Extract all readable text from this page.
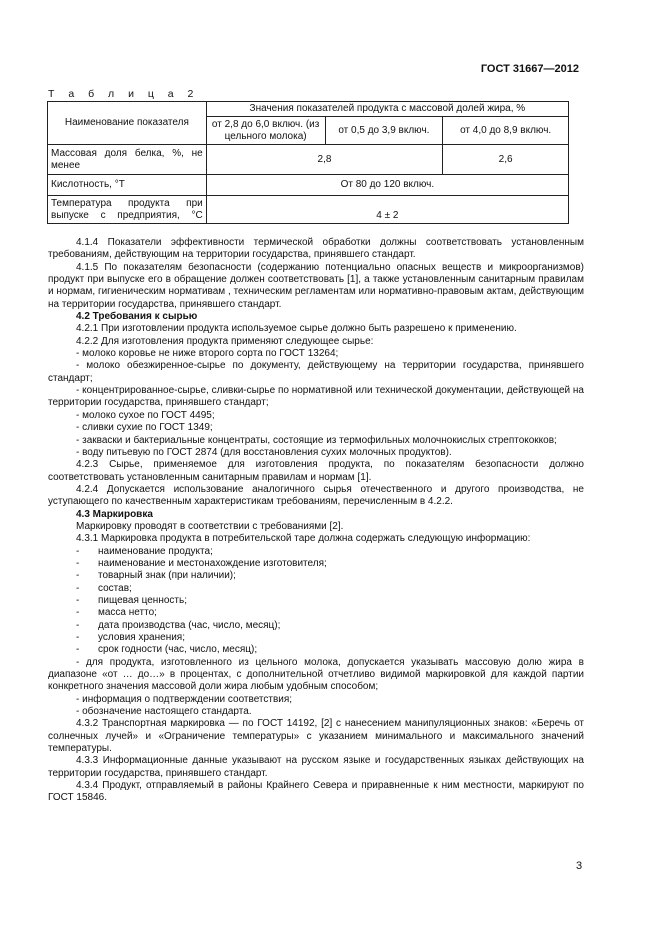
ГОСТ 31667—2012
Т а б л и ц а 2
Наименование показателя	Значения показателей продукта с массовой долей жира, %		
	от 2,8 до 6,0 включ. (из цельного молока)	от 0,5 до 3,9 включ.	от 4,0 до 8,9 включ.
Массовая доля белка, %, не менее	2,8		2,6
Кислотность, °Т	От 80 до 120 включ.		
Температура продукта при выпуске с предприятия, °С	4 ± 2		

4.1.4 Показатели эффективности термической обработки должны соответствовать установленным требованиям, действующим на территории государства, принявшего стандарт.

4.1.5 По показателям безопасности (содержанию потенциально опасных веществ и микроорганизмов) продукт при выпуске его в обращение должен соответствовать [1], а также установленным санитарным правилам и нормам, гигиеническим нормативам , техническим регламентам или нормативно-правовым актам, действующим на территории государства, принявшего стандарт.

4.2 Требования к сырью

4.2.1 При изготовлении продукта используемое сырье должно быть разрешено к применению.

4.2.2 Для изготовления продукта применяют следующее сырье:

- молоко коровье не ниже второго сорта по ГОСТ 13264;

- молоко обезжиренное-сырье по документу, действующему на территории государства, принявшего стандарт;

- концентрированное-сырье, сливки-сырье по нормативной или технической документации, действующей на территории государства, принявшего стандарт;

- молоко сухое по ГОСТ 4495;

- сливки сухие по ГОСТ 1349;

- закваски и бактериальные концентраты, состоящие из термофильных молочнокислых стрептококков;

- воду питьевую по ГОСТ 2874 (для восстановления сухих молочных продуктов).

4.2.3 Сырье, применяемое для изготовления продукта, по показателям безопасности должно соответствовать установленным санитарным правилам и нормам [1].

4.2.4 Допускается использование аналогичного сырья отечественного и другого производства, не уступающего по качественным характеристикам требованиям, перечисленным в 4.2.2.

4.3 Маркировка

Маркировку проводят в соответствии с требованиями [2].

4.3.1 Маркировка продукта в потребительской таре должна содержать следующую информацию:

-	наименование продукта;
-	наименование и местонахождение изготовителя;
-	товарный знак (при наличии);
-	состав;
-	пищевая ценность;
-	масса нетто;
-	дата производства (час, число, месяц);
-	условия хранения;
-	срок годности (час, число, месяц);

- для продукта, изготовленного из цельного молока, допускается указывать массовую долю жира в диапазоне «от … до…» в процентах, с дополнительной отчетливо видимой маркировкой для каждой партии конкретного значения массовой доли жира любым удобным способом;

- информация о подтверждении соответствия;

- обозначение настоящего стандарта.

4.3.2 Транспортная маркировка — по ГОСТ 14192, [2] с нанесением манипуляционных знаков: «Беречь от солнечных лучей» и «Ограничение температуры» с указанием минимального и максимального значений температуры.

4.3.3 Информационные данные указывают на русском языке и государственных языках действующих на территории государства, принявшего стандарт.

4.3.4 Продукт, отправляемый в районы Крайнего Севера и приравненные к ним местности, маркируют по ГОСТ 15846.

3
